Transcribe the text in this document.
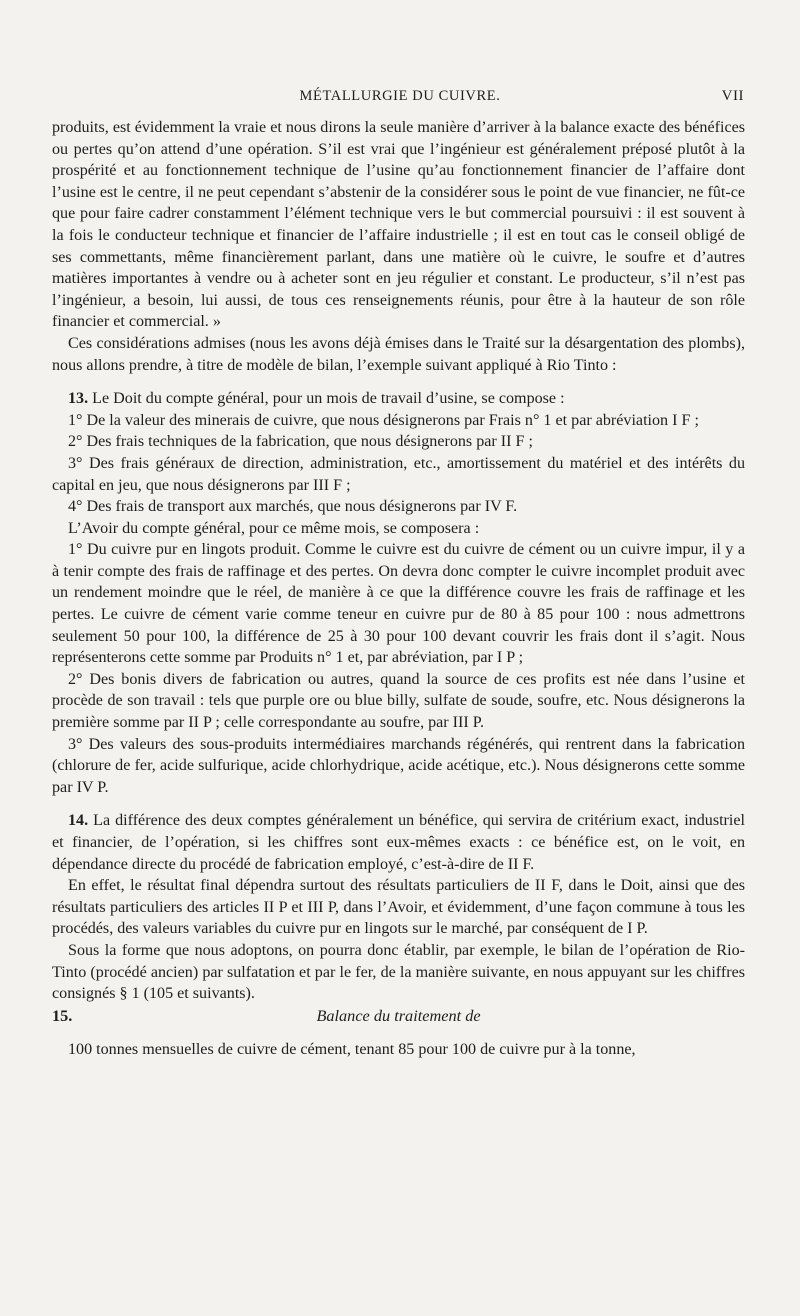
MÉTALLURGIE DU CUIVRE.	VII

produits, est évidemment la vraie et nous dirons la seule manière d’arriver à la balance exacte des bénéfices ou pertes qu’on attend d’une opération. S’il est vrai que l’ingénieur est généralement préposé plutôt à la prospérité et au fonctionnement technique de l’usine qu’au fonctionnement financier de l’affaire dont l’usine est le centre, il ne peut cependant s’abstenir de la considérer sous le point de vue financier, ne fût-ce que pour faire cadrer constamment l’élément technique vers le but commercial poursuivi : il est souvent à la fois le conducteur technique et financier de l’affaire industrielle ; il est en tout cas le conseil obligé de ses commettants, même financièrement parlant, dans une matière où le cuivre, le soufre et d’autres matières importantes à vendre ou à acheter sont en jeu régulier et constant. Le producteur, s’il n’est pas l’ingénieur, a besoin, lui aussi, de tous ces renseignements réunis, pour être à la hauteur de son rôle financier et commercial. »

Ces considérations admises (nous les avons déjà émises dans le Traité sur la désargentation des plombs), nous allons prendre, à titre de modèle de bilan, l’exemple suivant appliqué à Rio Tinto :

13. Le Doit du compte général, pour un mois de travail d’usine, se compose :

1° De la valeur des minerais de cuivre, que nous désignerons par Frais n° 1 et par abréviation I F ;

2° Des frais techniques de la fabrication, que nous désignerons par II F ;

3° Des frais généraux de direction, administration, etc., amortissement du matériel et des intérêts du capital en jeu, que nous désignerons par III F ;

4° Des frais de transport aux marchés, que nous désignerons par IV F.

L’Avoir du compte général, pour ce même mois, se composera :

1° Du cuivre pur en lingots produit. Comme le cuivre est du cuivre de cément ou un cuivre impur, il y a à tenir compte des frais de raffinage et des pertes. On devra donc compter le cuivre incomplet produit avec un rendement moindre que le réel, de manière à ce que la différence couvre les frais de raffinage et les pertes. Le cuivre de cément varie comme teneur en cuivre pur de 80 à 85 pour 100 : nous admettrons seulement 50 pour 100, la différence de 25 à 30 pour 100 devant couvrir les frais dont il s’agit. Nous représenterons cette somme par Produits n° 1 et, par abréviation, par I P ;

2° Des bonis divers de fabrication ou autres, quand la source de ces profits est née dans l’usine et procède de son travail : tels que purple ore ou blue billy, sulfate de soude, soufre, etc. Nous désignerons la première somme par II P ; celle correspondante au soufre, par III P.

3° Des valeurs des sous-produits intermédiaires marchands régénérés, qui rentrent dans la fabrication (chlorure de fer, acide sulfurique, acide chlorhydrique, acide acétique, etc.). Nous désignerons cette somme par IV P.

14. La différence des deux comptes généralement un bénéfice, qui servira de critérium exact, industriel et financier, de l’opération, si les chiffres sont eux-mêmes exacts : ce bénéfice est, on le voit, en dépendance directe du procédé de fabrication employé, c’est-à-dire de II F.

En effet, le résultat final dépendra surtout des résultats particuliers de II F, dans le Doit, ainsi que des résultats particuliers des articles II P et III P, dans l’Avoir, et évidemment, d’une façon commune à tous les procédés, des valeurs variables du cuivre pur en lingots sur le marché, par conséquent de I P.

Sous la forme que nous adoptons, on pourra donc établir, par exemple, le bilan de l’opération de Rio-Tinto (procédé ancien) par sulfatation et par le fer, de la manière suivante, en nous appuyant sur les chiffres consignés § 1 (105 et suivants).

15.	Balance du traitement de

100 tonnes mensuelles de cuivre de cément, tenant 85 pour 100 de cuivre pur à la tonne,
